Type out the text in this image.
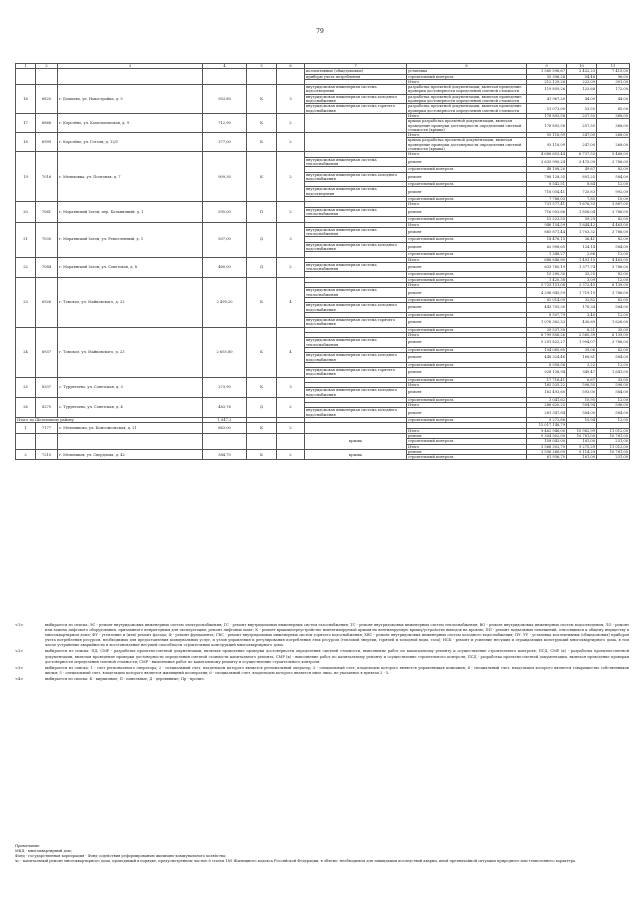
79
1	2	3	4	5	6	7	8	9	10	11
						коллективные (общедомовые)	установка	1 560 596,67	2 452,23	7 415,00
						приборы учета потребления	строительный контроль	35 396,26	54,48	96,00
							Итого	212 129,26	222,09	301,00
16	6820	г. Болшево, ул. Новостройка, д. 5	953,80	К	3	внутридомовая инженерная система водоотведения	разработка проектной документации, включая проведение проверки достоверности определения сметной стоимости	119 859,26	125,68	172,00
						внутридомовая инженерная система холодного водоснабжения	разработка проектной документации, включая проведение проверки достоверности определения сметной стоимости	41 967,20	44,00	44,00
						внутридомовая инженерная система горячего водоснабжения	разработка проектной документации, включая проведение проверки достоверности определения сметной стоимости	51 073,00	53,55	85,00
17	6868	г. Королёво, ул. Комсомольская, д. 9	712,90	К	2		Итого	178 893,58	257,55	368,00
							крыша разработка проектной документации, включая проведение проверки достоверности определения сметной стоимости (крыша)	178 893,58	257,55	368,00
18	6999	г. Королёво, ул. Гоголя, д. 12/1	377,00	К	2		Итого	93 118,99	247,00	268,00
							крыша разработка проектной документации, включая проведение проверки достоверности определения сметной стоимости (крыша)	93 118,99	247,00	268,00
19	7016	г. Мелиховка, ул. Почтовая, д. 7	909,30	К	2		Итого	4 686 653,44	6 737,53	5 466,00
						внутридомовая инженерная система теплоснабжения	ремонт	3 635 990,24	3 475,09	3 786,00
							строительный контроль	48 108,20	49,67	82,00
						внутридомовая инженерная система холодного водоснабжения	ремонт	788 128,35	891,25	584,00
							строительный контроль	8 542,51	8,64	12,00
						внутридомовая инженерная система водоотведения	ремонт	718 054,41	725,83	992,00
							строительный контроль	7 786,03	7,85	10,00
20	7061	г. Мораянский Затон, пер. Больничный, д. 1	595,00	П	2		Итого	731 577,41	1 676,33	3 867,00
						внутридомовая инженерная система теплоснабжения	ремонт	716 053,86	1 856,04	3 786,00
							строительный контроль	15 523,55	59,29	82,00
21	7030	г. Мораянский Затон, ул. Ремесленный, д. 1	507,00	Д	3		Итого	946 154,59	1 844,42	4 463,00
						внутридомовая инженерная система теплоснабжения	ремонт	865 871,44	1 703,32	3 786,00
							строительный контроль	18 476,15	36,41	82,00
						внутридомовая инженерная система холодного водоснабжения	ремонт	62 998,65	124,14	584,00
							строительный контроль	1 348,27	2,66	12,00
22	7084	г. Мораянский Затон, ул. Советская, д. 8	460,00	Д	2		Итого	686 846,80	1 493,15	4 463,00
						внутридомовая инженерная система теплоснабжения	ремонт	633 760,19	1 377,74	3 786,00
							строительный контроль	15 290,30	33,25	82,00
23	6926	г. Томское, ул. Майковского, д. 22	2 499,20	К	4		строительный контроль	1 420,38	3,09	12,00
							Итого	5 725 151,08	2 372,45	6 139,00
						внутридомовая инженерная система теплоснабжения	ремонт	4 296 945,59	1 719,19	3 786,00
							строительный контроль	82 014,09	32,82	82,00
						внутридомовая инженерная система холодного водоснабжения	ремонт	445 705,30	178,34	584,00
							строительный контроль	8 507,79	3,40	12,00
						внутридомовая инженерная система горячего водоснабжения	ремонт	1 076 362,53	430,69	1 626,00
24	6937	г. Томское, ул. Майковского, д. 23	2 655,80	К	4		строительный контроль	20 537,30	8,21	35,00
							Итого	6 799 856,26	2 560,39	6 139,00
						внутридомовая инженерная система теплоснабжения	ремонт	5 291 822,27	1 994,07	3 786,00
							строительный контроль	104 085,60	39,06	82,00
						внутридомовая инженерная система холодного водоснабжения	ремонт	448 324,46	168,81	584,00
							строительный контроль	8 558,56	3,22	12,00
						внутридомовая инженерная система горячего водоснабжения	ремонт	928 138,94	349,47	1 641,00
25	8337	с. Турунтаево, ул. Советская, д. 3	273,90	К	3		строительный контроль	17 716,41	6,67	35,00
							Итого	165 535,22	596,55	596,00
						внутридомовая инженерная система холодного водоснабжения	ремонт	162 493,60	593,00	584,00
26	8275	с. Турунтаево, ул. Советская, д. 4	483,76	Д	2		строительный контроль	3 041,62	10,95	12,00
							Итого	286 620,25	594,94	596,00
						внутридомовая инженерная система холодного водоснабжения	ремонт	281 347,84	584,00	584,00
Итого по Шелеховому району			1 847,2				строительный контроль	5 272,86	10,94	12,00
1	7177	с. Мельниково, ул. Комсомольская, д. 21	863,00	К	2			15 017 148,79		
							Итого	9 462 946,00	10 962,99	11 012,00
						крыша	ремонт	9 304 902,00	10 781,00	10 781,00
							строительный контроль	158 043,00	181,00	231,00
							Итого	3 568 302,79	9 275,29	11 012,00
2	7210	г. Мельников, ул. Свердлова, д. 42	384,70	К	2	крыша	ремонт	3 506 266,09	9 114,29	10 781,00
							строительный контроль	61 936,70	161,00	231,00
<1>	выбирается из списка: ЭС - ремонт внутридомовых инженерных систем электроснабжения; ГС - ремонт внутридомовых инженерных систем газоснабжения; ТС - ремонт внутридомовых инженерных систем теплоснабжения; ВО - ремонт внутридомовых инженерных систем водоотведения; ЛО - ремонт или замена лифтового оборудования, признанного непригодным для эксплуатации, ремонт лифтовых шахт; К - ремонт крыши/переустройство невентилируемой крыши на вентилируемую крышу/устройство выходов на кровлю; ПП - ремонт подвальных помещений, относящихся к общему имуществу в многоквартирном доме; ФУ - утепление и (или) ремонт фасада; Ф - ремонт фундамента; ГВС - ремонт внутридомовых инженерных систем горячего водоснабжения; ХВС - ремонт внутридомовых инженерных систем холодного водоснабжения; ПУ, УУ - установка коллективных (общедомовых) приборов учета потребления ресурсов, необходимых для предоставления коммунальных услуг, и узлов управления и регулирования потребления этих ресурсов (тепловой энергии, горячей и холодной воды, газа); НСК - ремонт и усиление несущих и ограждающих конструкций многоквартирного дома, в том числе устранение аварийности и восстановление несущей способности строительных конструкций многоквартирного дома.
<2>	выбирается из списка: ПД, СМР - разработка проектно-сметной документации, включая проведение проверки достоверности определения сметной стоимости, выполнение работ по капитальному ремонту и осуществление строительного контроля; ПСД, СМР (к) - разработка проектно-сметной документации, включая проведение проверки достоверности определения сметной стоимости капитального ремонта, СМР (к) - выполнение работ по капитальному ремонту и осуществление строительного контроля; ПСД - разработка проектно-сметной документации, включая проведение проверки достоверности определения сметной стоимости; СМР - выполнение работ по капитальному ремонту и осуществление строительного контроля.
<3>	выбирается из списка: 1 - счет регионального оператора; 2 - специальный счет, владельцем которого является региональный оператор; 3 - специальный счет, владельцем которого является управляющая компания; 4 - специальный счет, владельцем которого является товарищество собственников жилья; 5 - специальный счет, владельцем которого является жилищный кооператив; 6 - специальный счет, владельцем которого является иное лицо, не указанное в пунктах 2 - 5.
<4>	выбирается из списка: К - кирпичные; П - панельные; Д - деревянные; Пр - прочие.
Примечание:
МКД - многоквартирный дом;
Фонд - государственная корпорация - Фонд содействия реформированию жилищно-коммунального хозяйства;
чс - капитальный ремонт многоквартирного дома, проводимый в порядке, предусмотренном частью 6 статьи 189 Жилищного кодекса Российской Федерации, в объеме, необходимом для ликвидации последствий аварии, иной чрезвычайной ситуации природного или техногенного характера.
